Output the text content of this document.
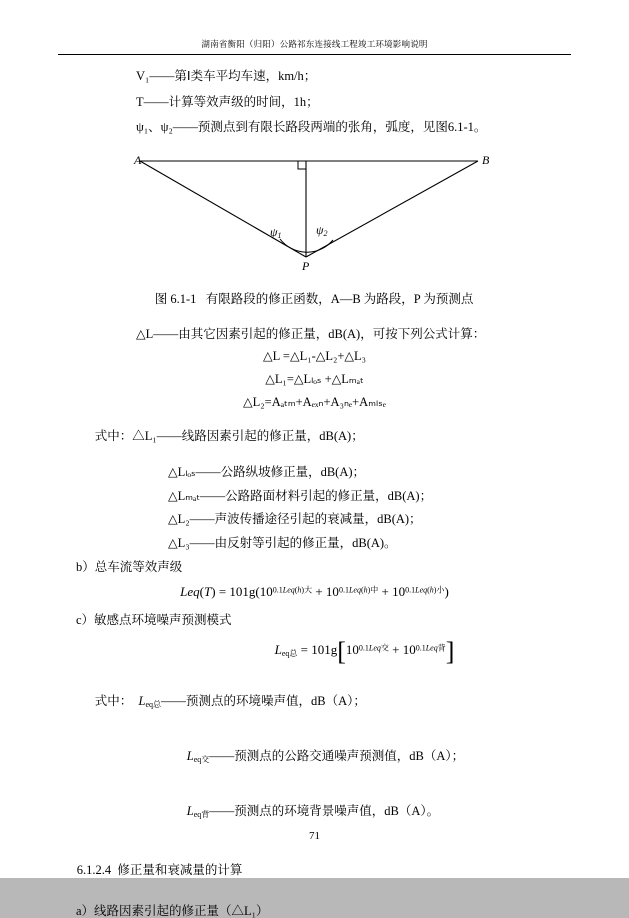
湖南省衡阳（归阳）公路祁东连接线工程竣工环境影响说明
V₁——第Ⅰ类车平均车速，km/h；
T——计算等效声级的时间，1h；
ψ₁、ψ₂——预测点到有限长路段两端的张角，弧度，见图6.1-1。
A	B
P
$\psi_1$	$\psi_2$

图 6.1-1 有限路段的修正函数，A—B 为路段，P 为预测点

△L——由其它因素引起的修正量，dB(A)，可按下列公式计算：
△L =△L₁-△L₂+△L₃
△L₁=△Lₗₒₛ +△Lₘₐₜ
△L₂=Aₐₜₘ+Aₑₓₙ+A₃ₙₑ+Aₘₗₛₑ

式中：△L₁——线路因素引起的修正量，dB(A)；

△Lₗₒₛ——公路纵坡修正量，dB(A)；
△Lₘₐₜ——公路路面材料引起的修正量，dB(A)；
△L₂——声波传播途径引起的衰减量，dB(A)；
△L₃——由反射等引起的修正量，dB(A)。
b）总车流等效声级
$Leq(T) = 101g(10^{0.1Leq(h)大} + 10^{0.1Leq(h)中} + 10^{0.1Leq(h)小})$
c）敏感点环境噪声预测模式
$L_{eq总} = 101g[10^{0.1Leq交} + 10^{0.1Leq背}]$

式中： $L_{eq总}——$预测点的环境噪声值，dB（A）；

$L_{eq交}——$预测点的公路交通噪声预测值，dB（A）；

$L_{eq背}——$预测点的环境背景噪声值，dB（A）。

6.1.2.4 修正量和衰减量的计算

a）线路因素引起的修正量（△L₁）
71
